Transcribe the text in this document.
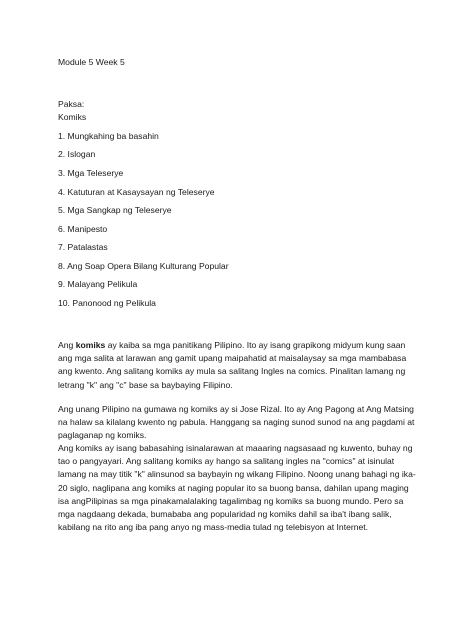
Module 5 Week 5
Paksa:
Komiks
1. Mungkahing ba basahin
2. Islogan
3. Mga Teleserye
4. Katuturan at Kasaysayan ng Teleserye
5. Mga Sangkap ng Teleserye
6. Manipesto
7. Patalastas
8. Ang Soap Opera Bilang Kulturang Popular
9. Malayang Pelikula
10. Panonood ng Pelikula
Ang komiks ay kaiba sa mga panitikang Pilipino. Ito ay isang grapikong midyum kung saan ang mga salita at larawan ang gamit upang maipahatid at maisalaysay sa mga mambabasa ang kwento. Ang salitang komiks ay mula sa salitang Ingles na comics. Pinalitan lamang ng letrang "k" ang "c" base sa baybaying Filipino.
Ang unang Pilipino na gumawa ng komiks ay si Jose Rizal. Ito ay Ang Pagong at Ang Matsing na halaw sa kilalang kwento ng pabula. Hanggang sa naging sunod sunod na ang pagdami at paglaganap ng komiks.
Ang komiks ay isang babasahing isinalarawan at maaaring nagsasaad ng kuwento, buhay ng tao o pangyayari. Ang salitang komiks ay hango sa salitang ingles na "comics" at isinulat lamang na may titik "k" alinsunod sa baybayin ng wikang Filipino. Noong unang bahagi ng ika-20 siglo, naglipana ang komiks at naging popular ito sa buong bansa, dahilan upang maging isa angPilipinas sa mga pinakamalalaking tagalimbag ng komiks sa buong mundo. Pero sa mga nagdaang dekada, bumababa ang popularidad ng komiks dahil sa iba't ibang salik, kabilang na rito ang iba pang anyo ng mass-media tulad ng telebisyon at Internet.
